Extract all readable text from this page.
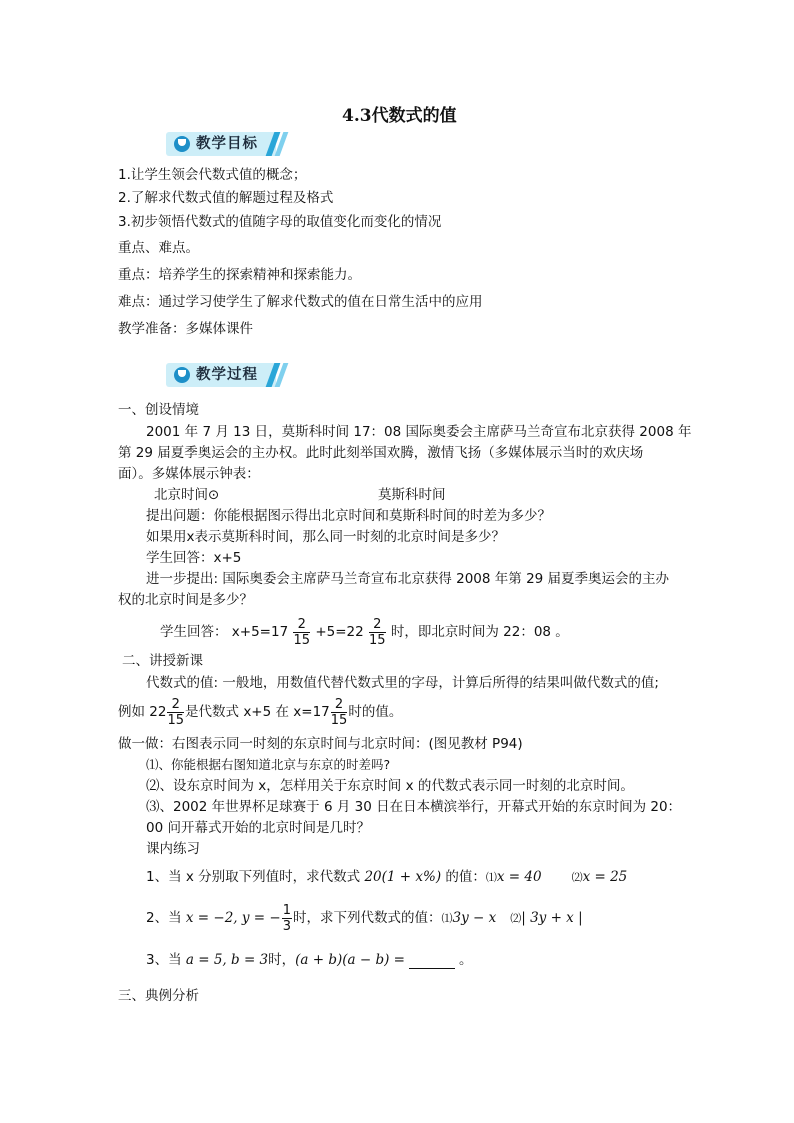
4.3代数式的值
教学目标
1.让学生领会代数式值的概念；
2.了解求代数式值的解题过程及格式
3.初步领悟代数式的值随字母的取值变化而变化的情况
重点、难点。
重点：培养学生的探索精神和探索能力。
难点：通过学习使学生了解求代数式的值在日常生活中的应用
教学准备：多媒体课件
教学过程
一、创设情境
2001 年 7 月 13 日，莫斯科时间 17：08 国际奥委会主席萨马兰奇宣布北京获得 2008 年
第 29 届夏季奥运会的主办权。此时此刻举国欢腾，激情飞扬（多媒体展示当时的欢庆场
面）。多媒体展示钟表：
北京时间⊙	莫斯科时间
提出问题：你能根据图示得出北京时间和莫斯科时间的时差为多少？
如果用x表示莫斯科时间，那么同一时刻的北京时间是多少？
学生回答：x+5
进一步提出: 国际奥委会主席萨马兰奇宣布北京获得 2008 年第 29 届夏季奥运会的主办
权的北京时间是多少？
学生回答： $x+5=17 \frac{2}{15} +5=22 \frac{2}{15}$ 时，即北京时间为 22：08 。
二、讲授新课
代数式的值: 一般地，用数值代替代数式里的字母，计算后所得的结果叫做代数式的值;
例如 $22 \frac{2}{15}$ 是代数式 x+5 在 $x=17 \frac{2}{15}$ 时的值。
做一做：右图表示同一时刻的东京时间与北京时间：(图见教材 P94)
⑴、你能根据右图知道北京与东京的时差吗?
⑵、设东京时间为 x，怎样用关于东京时间 x 的代数式表示同一时刻的北京时间。
⑶、2002 年世界杯足球赛于 6 月 30 日在日本横滨举行，开幕式开始的东京时间为 20：
00 问开幕式开始的北京时间是几时？
课内练习
1、当 x 分别取下列值时，求代数式 20(1 + x%) 的值：⑴x = 40	⑵x = 25
2、当 x = −2, y = − $\frac{1}{3}$ 时，求下列代数式的值：⑴3y − x ⑵| 3y + x |
3、当 a = 5, b = 3时，(a + b)(a − b) =	。
三、典例分析
